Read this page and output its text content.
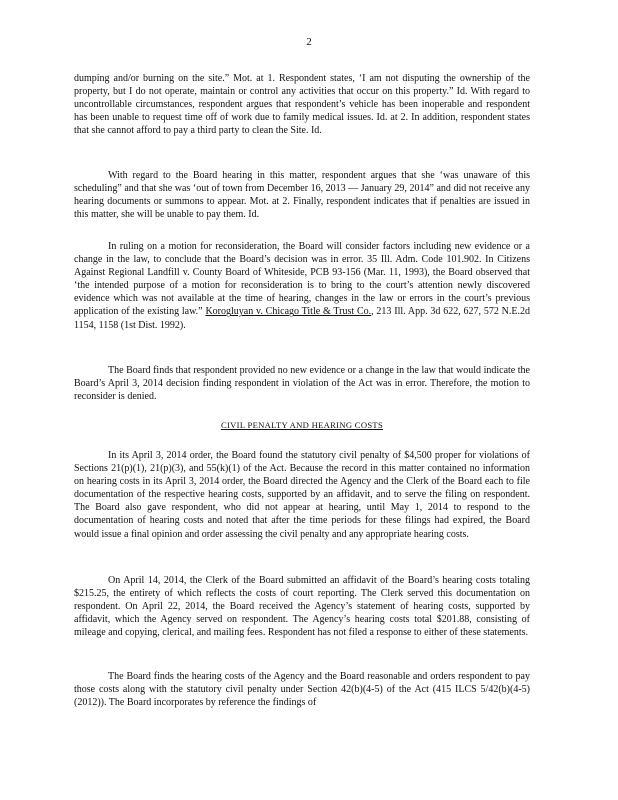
2

dumping and/or burning on the site.” Mot. at 1. Respondent states, ‘I am not disputing the ownership of the property, but I do not operate, maintain or control any activities that occur on this property.” Id. With regard to uncontrollable circumstances, respondent argues that respondent’s vehicle has been inoperable and respondent has been unable to request time off of work due to family medical issues. Id. at 2. In addition, respondent states that she cannot afford to pay a third party to clean the Site. Id.

With regard to the Board hearing in this matter, respondent argues that she ‘was unaware of this scheduling” and that she was ‘out of town from December 16, 2013 — January 29, 2014” and did not receive any hearing documents or summons to appear. Mot. at 2. Finally, respondent indicates that if penalties are issued in this matter, she will be unable to pay them. Id.

In ruling on a motion for reconsideration, the Board will consider factors including new evidence or a change in the law, to conclude that the Board’s decision was in error. 35 Ill. Adm. Code 101.902. In Citizens Against Regional Landfill v. County Board of Whiteside, PCB 93-156 (Mar. 11, 1993), the Board observed that ‘the intended purpose of a motion for reconsideration is to bring to the court’s attention newly discovered evidence which was not available at the time of hearing, changes in the law or errors in the court’s previous application of the existing law.” Korogluyan v. Chicago Title & Trust Co., 213 Ill. App. 3d 622, 627, 572 N.E.2d 1154, 1158 (1st Dist. 1992).

The Board finds that respondent provided no new evidence or a change in the law that would indicate the Board’s April 3, 2014 decision finding respondent in violation of the Act was in error. Therefore, the motion to reconsider is denied.

CIVIL PENALTY AND HEARING COSTS

In its April 3, 2014 order, the Board found the statutory civil penalty of $4,500 proper for violations of Sections 21(p)(1), 21(p)(3), and 55(k)(1) of the Act. Because the record in this matter contained no information on hearing costs in its April 3, 2014 order, the Board directed the Agency and the Clerk of the Board each to file documentation of the respective hearing costs, supported by an affidavit, and to serve the filing on respondent. The Board also gave respondent, who did not appear at hearing, until May 1, 2014 to respond to the documentation of hearing costs and noted that after the time periods for these filings had expired, the Board would issue a final opinion and order assessing the civil penalty and any appropriate hearing costs.

On April 14, 2014, the Clerk of the Board submitted an affidavit of the Board’s hearing costs totaling $215.25, the entirety of which reflects the costs of court reporting. The Clerk served this documentation on respondent. On April 22, 2014, the Board received the Agency’s statement of hearing costs, supported by affidavit, which the Agency served on respondent. The Agency’s hearing costs total $201.88, consisting of mileage and copying, clerical, and mailing fees. Respondent has not filed a response to either of these statements.

The Board finds the hearing costs of the Agency and the Board reasonable and orders respondent to pay those costs along with the statutory civil penalty under Section 42(b)(4-5) of the Act (415 ILCS 5/42(b)(4-5) (2012)). The Board incorporates by reference the findings of
